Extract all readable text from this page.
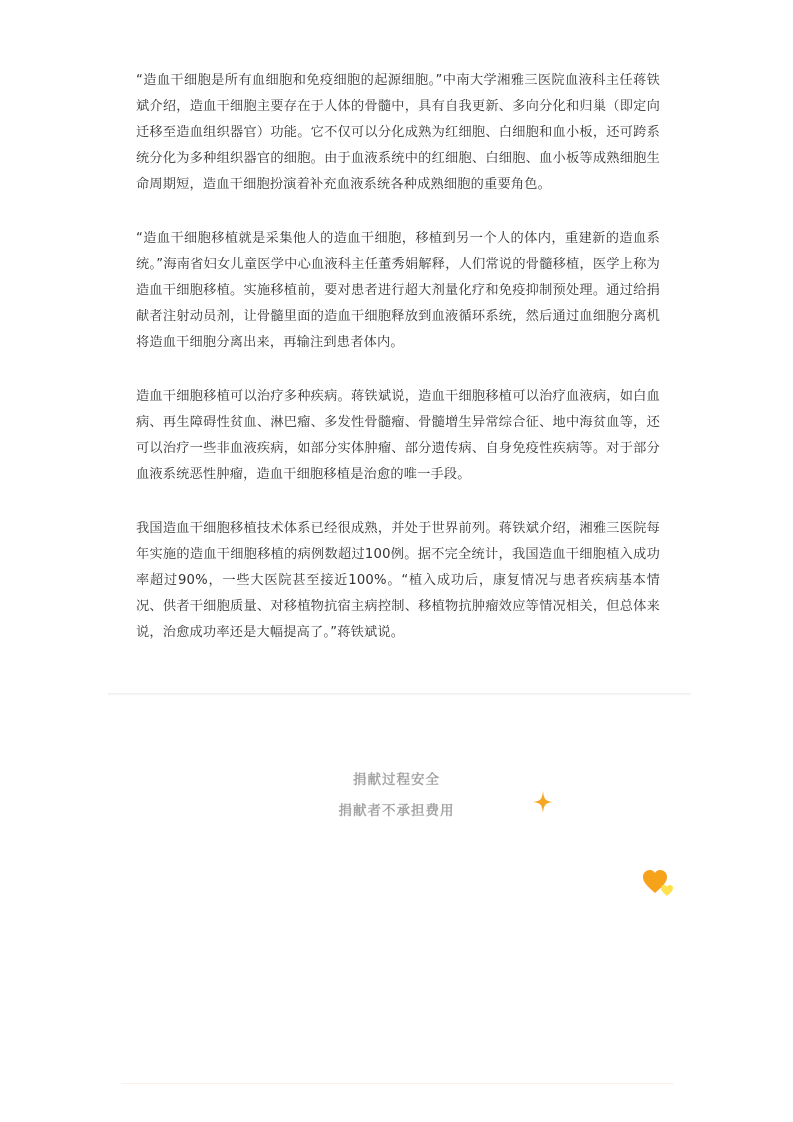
“造血干细胞是所有血细胞和免疫细胞的起源细胞。”中南大学湘雅三医院血液科主任蒋铁斌介绍，造血干细胞主要存在于人体的骨髓中，具有自我更新、多向分化和归巢（即定向迁移至造血组织器官）功能。它不仅可以分化成熟为红细胞、白细胞和血小板，还可跨系统分化为多种组织器官的细胞。由于血液系统中的红细胞、白细胞、血小板等成熟细胞生命周期短，造血干细胞扮演着补充血液系统各种成熟细胞的重要角色。

“造血干细胞移植就是采集他人的造血干细胞，移植到另一个人的体内，重建新的造血系统。”海南省妇女儿童医学中心血液科主任董秀娟解释，人们常说的骨髓移植，医学上称为造血干细胞移植。实施移植前，要对患者进行超大剂量化疗和免疫抑制预处理。通过给捐献者注射动员剂，让骨髓里面的造血干细胞释放到血液循环系统，然后通过血细胞分离机将造血干细胞分离出来，再输注到患者体内。

造血干细胞移植可以治疗多种疾病。蒋铁斌说，造血干细胞移植可以治疗血液病，如白血病、再生障碍性贫血、淋巴瘤、多发性骨髓瘤、骨髓增生异常综合征、地中海贫血等，还可以治疗一些非血液疾病，如部分实体肿瘤、部分遗传病、自身免疫性疾病等。对于部分血液系统恶性肿瘤，造血干细胞移植是治愈的唯一手段。

我国造血干细胞移植技术体系已经很成熟，并处于世界前列。蒋铁斌介绍，湘雅三医院每年实施的造血干细胞移植的病例数超过100例。据不完全统计，我国造血干细胞植入成功率超过90%，一些大医院甚至接近100%。“植入成功后，康复情况与患者疾病基本情况、供者干细胞质量、对移植物抗宿主病控制、移植物抗肿瘤效应等情况相关，但总体来说，治愈成功率还是大幅提高了。”蒋铁斌说。

捐献过程安全
捐献者不承担费用
